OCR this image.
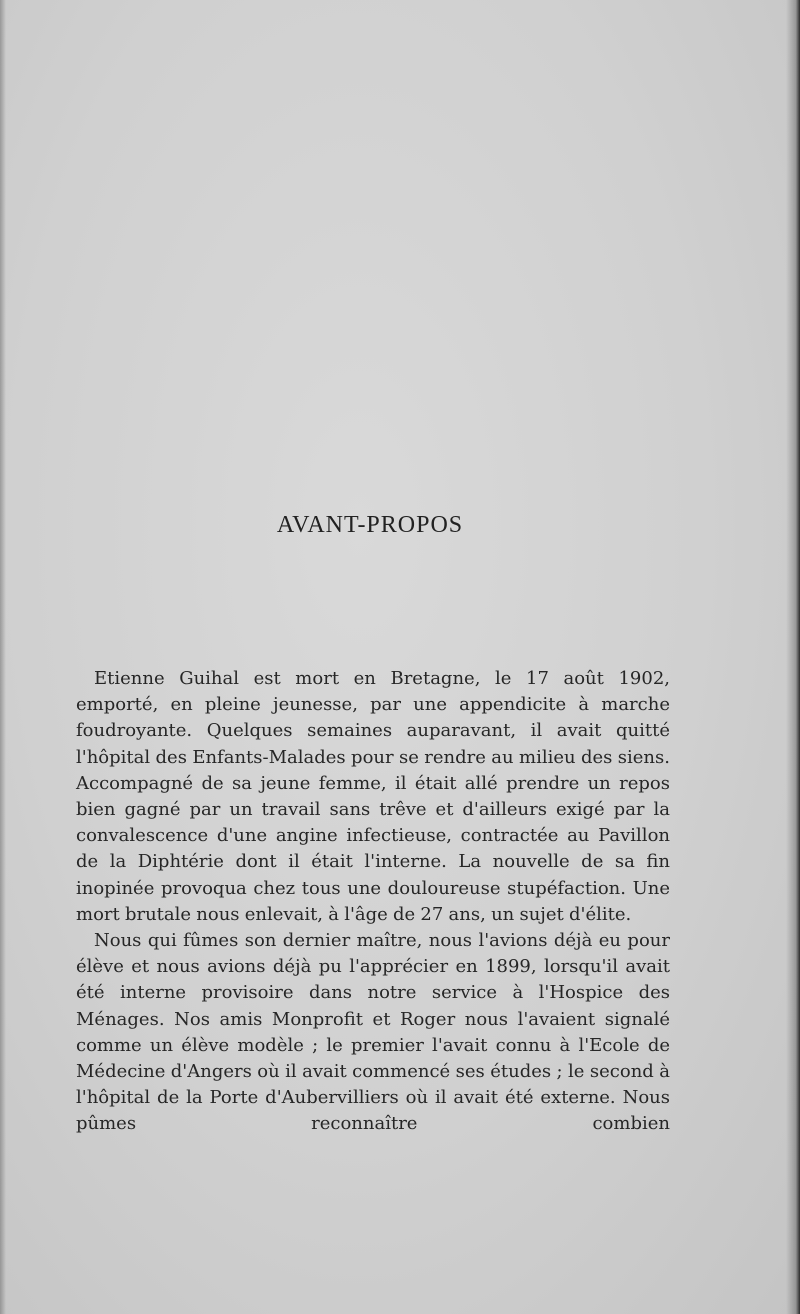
AVANT-PROPOS

Etienne Guihal est mort en Bretagne, le 17 août 1902, emporté, en pleine jeunesse, par une appendicite à marche foudroyante. Quelques semaines auparavant, il avait quitté l'hôpital des Enfants-Malades pour se rendre au milieu des siens. Accompagné de sa jeune femme, il était allé prendre un repos bien gagné par un travail sans trêve et d'ailleurs exigé par la convalescence d'une angine infectieuse, contractée au Pavillon de la Diphtérie dont il était l'interne. La nouvelle de sa fin inopinée provoqua chez tous une douloureuse stupéfaction. Une mort brutale nous enlevait, à l'âge de 27 ans, un sujet d'élite.

Nous qui fûmes son dernier maître, nous l'avions déjà eu pour élève et nous avions déjà pu l'apprécier en 1899, lorsqu'il avait été interne provisoire dans notre service à l'Hospice des Ménages. Nos amis Monprofit et Roger nous l'avaient signalé comme un élève modèle ; le premier l'avait connu à l'Ecole de Médecine d'Angers où il avait commencé ses études ; le second à l'hôpital de la Porte d'Aubervilliers où il avait été externe. Nous pûmes reconnaître combien
